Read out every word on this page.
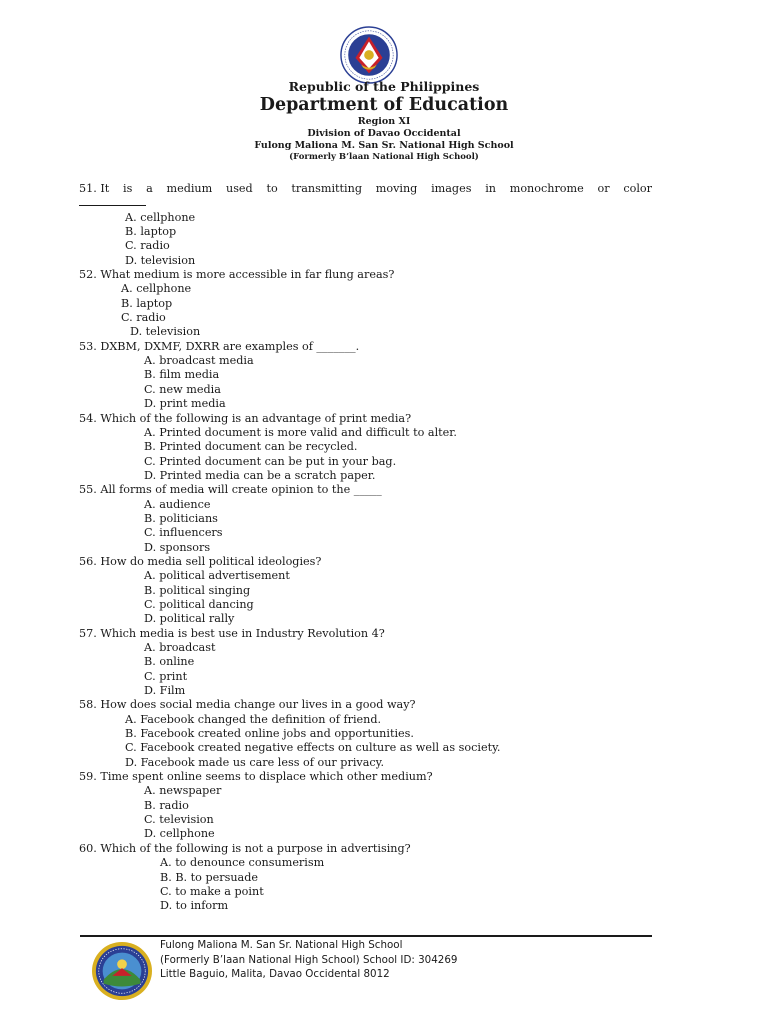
Republic of the Philippines
Department of Education
Region XI
Division of Davao Occidental
Fulong Maliona M. San Sr. National High School
(Formerly B’laan National High School)
51.
It is a medium used to transmitting moving images in monochrome or color
A. cellphone
B. laptop
C. radio
D. television
52.
What medium is more accessible in far flung areas?
A. cellphone
B. laptop
C. radio
D. television
53.
DXBM, DXMF, DXRR are examples of _______.
A. broadcast media
B. film media
C. new media
D. print media
54.
Which of the following is an advantage of print media?
A. Printed document is more valid and difficult to alter.
B. Printed document can be recycled.
C. Printed document can be put in your bag.
D. Printed media can be a scratch paper.
55.
All forms of media will create opinion to the _____
A. audience
B. politicians
C. influencers
D. sponsors
56.
How do media sell political ideologies?
A. political advertisement
B. political singing
C. political dancing
D. political rally
57.
Which media is best use in Industry Revolution 4?
A. broadcast
B. online
C. print
D. Film
58.
How does social media change our lives in a good way?
A. Facebook changed the definition of friend.
B. Facebook created online jobs and opportunities.
C. Facebook created negative effects on culture as well as society.
D. Facebook made us care less of our privacy.
59.
Time spent online seems to displace which other medium?
A. newspaper
B. radio
C. television
D. cellphone
60.
Which of the following is not a purpose in advertising?
A. to denounce consumerism
B. B. to persuade
C. to make a point
D. to inform
Fulong Maliona M. San Sr. National High School
(Formerly B’laan National High School) School ID: 304269
Little Baguio, Malita, Davao Occidental 8012
